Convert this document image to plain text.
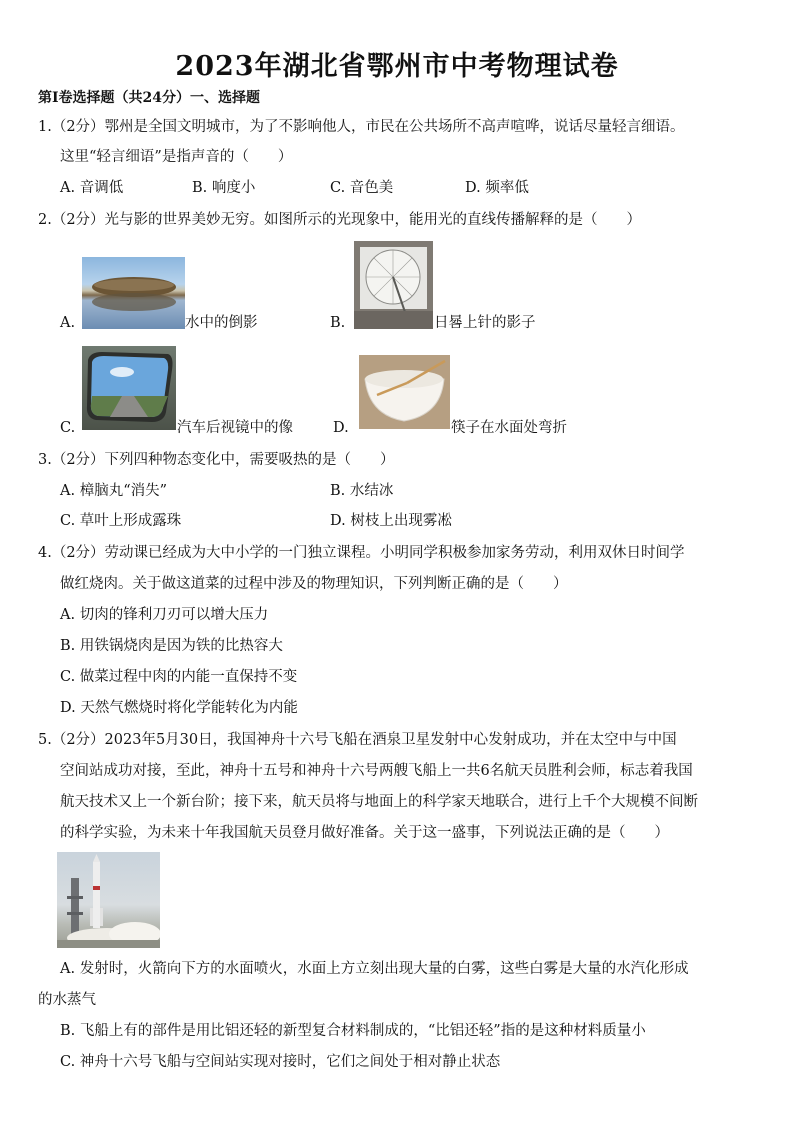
2023年湖北省鄂州市中考物理试卷
第Ⅰ卷选择题（共24分）一、选择题
1.（2分）鄂州是全国文明城市，为了不影响他人，市民在公共场所不高声喧哗，说话尽量轻言细语。
这里“轻言细语”是指声音的（　　）
A. 音调低	B. 响度小	C. 音色美	D. 频率低
2.（2分）光与影的世界美妙无穷。如图所示的光现象中，能用光的直线传播解释的是（　　）
A.	水中的倒影	B.	日晷上针的影子
C.	汽车后视镜中的像	D.	筷子在水面处弯折
3.（2分）下列四种物态变化中，需要吸热的是（　　）
A. 樟脑丸“消失”	B. 水结冰
C. 草叶上形成露珠	D. 树枝上出现雾凇
4.（2分）劳动课已经成为大中小学的一门独立课程。小明同学积极参加家务劳动，利用双休日时间学
做红烧肉。关于做这道菜的过程中涉及的物理知识，下列判断正确的是（　　）
A. 切肉的锋利刀刃可以增大压力
B. 用铁锅烧肉是因为铁的比热容大
C. 做菜过程中肉的内能一直保持不变
D. 天然气燃烧时将化学能转化为内能
5.（2分）2023年5月30日，我国神舟十六号飞船在酒泉卫星发射中心发射成功，并在太空中与中国
空间站成功对接，至此，神舟十五号和神舟十六号两艘飞船上一共6名航天员胜利会师，标志着我国
航天技术又上一个新台阶；接下来，航天员将与地面上的科学家天地联合，进行上千个大规模不间断
的科学实验，为未来十年我国航天员登月做好准备。关于这一盛事，下列说法正确的是（　　）
A. 发射时，火箭向下方的水面喷火，水面上方立刻出现大量的白雾，这些白雾是大量的水汽化形成
的水蒸气
B. 飞船上有的部件是用比铝还轻的新型复合材料制成的，“比铝还轻”指的是这种材料质量小
C. 神舟十六号飞船与空间站实现对接时，它们之间处于相对静止状态
